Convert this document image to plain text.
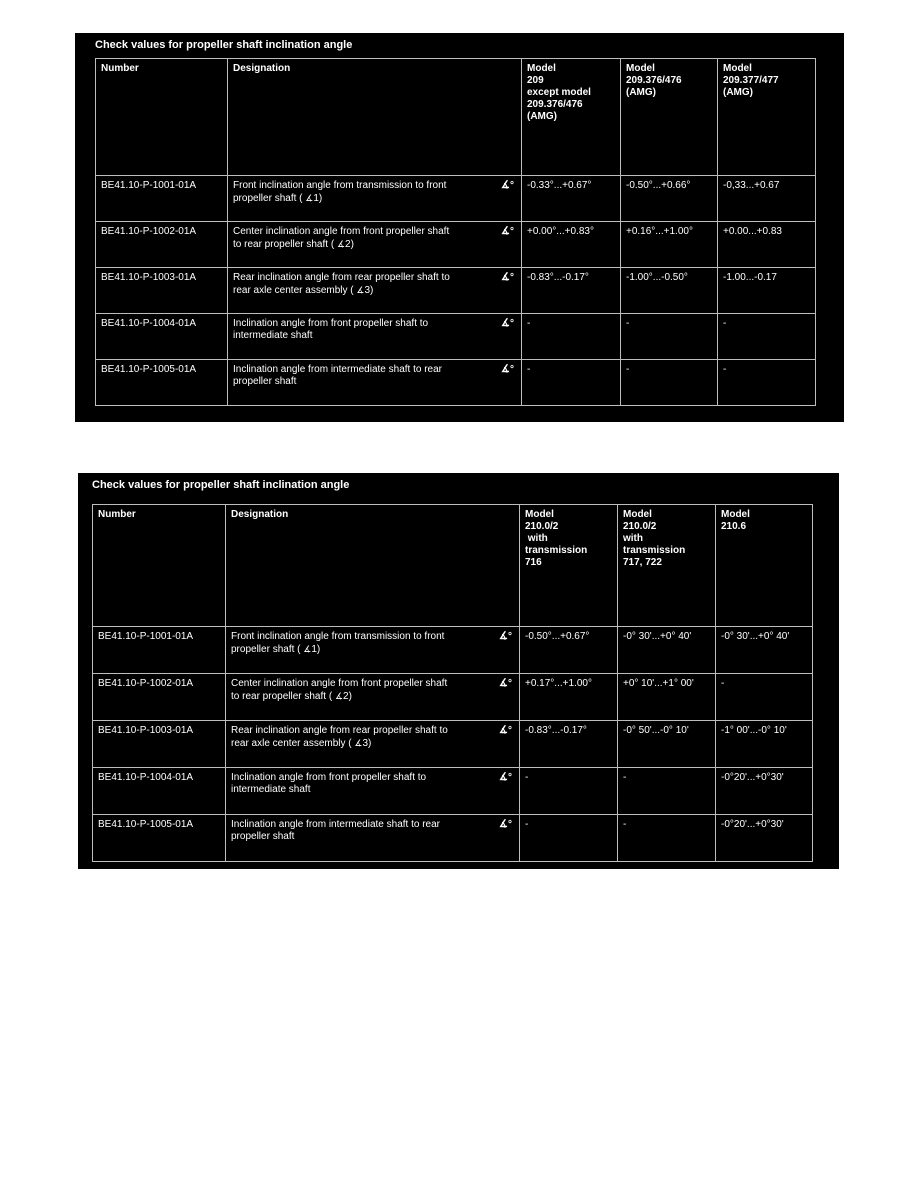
Check values for propeller shaft inclination angle
Number	Designation	Model
209
except model
209.376/476
(AMG)	Model
209.376/476
(AMG)	Model
209.377/477
(AMG)

BE41.10-P-1001-01A	Front inclination angle from transmission to front
propeller shaft ( ∡1)
∡°	-0.33°...+0.67°	-0.50°...+0.66°	-0,33...+0.67
BE41.10-P-1002-01A	Center inclination angle from front propeller shaft
to rear propeller shaft ( ∡2)
∡°	+0.00°...+0.83°	+0.16°...+1.00°	+0.00...+0.83
BE41.10-P-1003-01A	Rear inclination angle from rear propeller shaft to
rear axle center assembly ( ∡3)
∡°	-0.83°...-0.17°	-1.00°...-0.50°	-1.00...-0.17
BE41.10-P-1004-01A	Inclination angle from front propeller shaft to
intermediate shaft
∡°	-	-	-
BE41.10-P-1005-01A	Inclination angle from intermediate shaft to rear
propeller shaft
∡°	-	-	-
Check values for propeller shaft inclination angle
Number	Designation	Model
210.0/2
with
transmission
716	Model
210.0/2
with
transmission
717, 722	Model
210.6

BE41.10-P-1001-01A	Front inclination angle from transmission to front
propeller shaft ( ∡1)
∡°	-0.50°...+0.67°	-0° 30'...+0° 40'	-0° 30'...+0° 40'
BE41.10-P-1002-01A	Center inclination angle from front propeller shaft
to rear propeller shaft ( ∡2)
∡°	+0.17°...+1.00°	+0° 10'...+1° 00'	-
BE41.10-P-1003-01A	Rear inclination angle from rear propeller shaft to
rear axle center assembly ( ∡3)
∡°	-0.83°...-0.17°	-0° 50'...-0° 10'	-1° 00'...-0° 10'
BE41.10-P-1004-01A	Inclination angle from front propeller shaft to
intermediate shaft
∡°	-	-	-0°20'...+0°30'
BE41.10-P-1005-01A	Inclination angle from intermediate shaft to rear
propeller shaft
∡°	-	-	-0°20'...+0°30'
